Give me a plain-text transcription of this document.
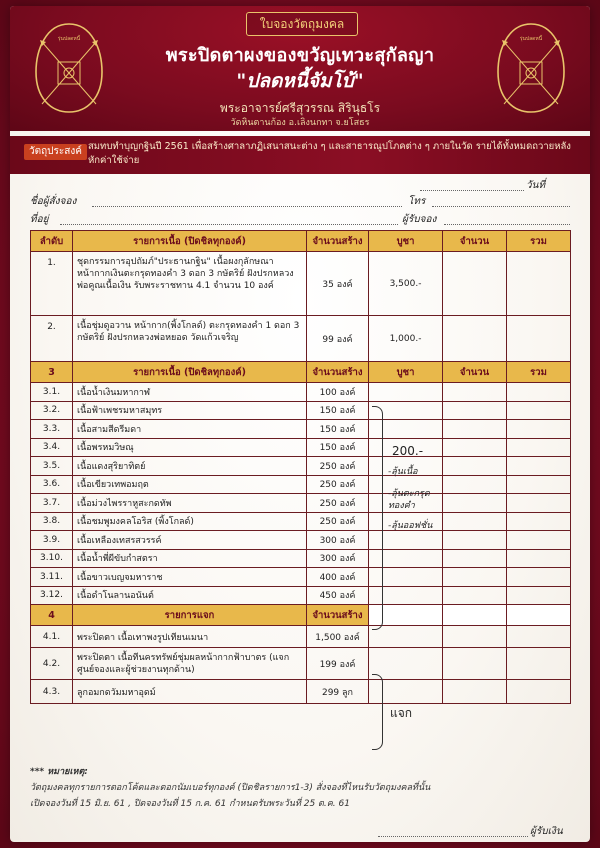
ใบจองวัตถุมงคล
รุ่นปลดหนี้	รุ่นปลดหนี้
พระปิดตาผงของขวัญเทวะสุกัลญา
"ปลดหนี้จัมโบ้"
พระอาจารย์ศรีสุวรรณ สิรินุธโร
วัดหินตานก้อง อ.เลิงนกทา จ.ยโสธร
วัตถุประสงค์ สมทบทำบุญกฐินปี 2561 เพื่อสร้างศาลาภฏิเสนาสนะต่าง ๆ และสาธารณูปโภคต่าง ๆ ภายในวัด รายได้ทั้งหมดถวายหลังหักค่าใช้จ่าย
วันที่
ชื่อผู้สั่งจอง	โทร
ที่อยู่	ผู้รับจอง
ลำดับ	รายการเนื้อ (ปิดชิลทุกองค์)	จำนวนสร้าง	บูชา	จำนวน	รวม
1.	ชุดกรรมการอุปถัมภ์"ประธานกฐิน" เนื้อผงกุลักษณา หน้ากากเงินตะกรุดทองคำ 3 ดอก 3 กษัตริย์ ฝังปรกหลวงพ่อคูณเนื้อเงิน รับพระราชทาน 4.1 จำนวน 10 องค์	35 องค์	3,500.-		
2.	เนื้อชุ่มดูอวาน หน้ากาก(พิ้งโกลด์) ตะกรุดทองคำ 1 ดอก 3 กษัตริย์ ฝังปรกหลวงพ่อหยอด วัดแก้วเจริญ	99 องค์	1,000.-		
3	รายการเนื้อ (ปิดชิลทุกองค์)	จำนวนสร้าง	บูชา	จำนวน	รวม
3.1.	เนื้อน้ำเงินมหากาฬ	100 องค์			
3.2.	เนื้อฟ้าเพชรมหาสมุทร	150 องค์			
3.3.	เนื้อสามสีดรีมดา	150 องค์			
3.4.	เนื้อพรหมวิษณุ	150 องค์			
3.5.	เนื้อแดงสุริยาทิตย์	250 องค์			
3.6.	เนื้อเขียวเทพอมฤต	250 องค์			
3.7.	เนื้อม่วงไพรราหูสะกดทัพ	250 องค์			
3.8.	เนื้อชมพูมงคลโอริส (พิ้งโกลด์)	250 องค์			
3.9.	เนื้อเหลืองเทสรสวรรค์	300 องค์			
3.10.	เนื้อน้ำพี่ผีขับกำสตรา	300 องค์			
3.11.	เนื้อขาวเบญจมหาราช	400 องค์			
3.12.	เนื้อดำโนลานอนันต์	450 องค์			
4	รายการแจก	จำนวนสร้าง			
4.1.	พระปิดตา เนื้อเทาพงรูปเทียนเมนา	1,500 องค์			
4.2.	พระปิดตา เนื้อทีนครทรัพย์ชุ่มผลหน้ากากฟ้าบาตร (แจกศูนย์จองและผู้ช่วยงานทุกด้าน)	199 องค์			
4.3.	ลูกอมกดวัมมหาอุดม์	299 ลูก			
200.-
-ลุ้นเนื้อ
-ลุ้นตะกรุด ทองคำ
-ลุ้นออฟชั่น
แจก
*** หมายเหตุ:
วัตถุมงคลทุกรายการตอกโค้ดและตอกนัมเบอร์ทุกองค์ (ปิดชิลรายการ1-3) สั่งจองที่ไหนรับวัตถุมงคลที่นั้น
เปิดจองวันที่ 15 มิ.ย. 61 , ปิดจองวันที่ 15 ก.ค. 61 กำหนดรับพระวันที่ 25 ต.ค. 61
ผู้รับเงิน
